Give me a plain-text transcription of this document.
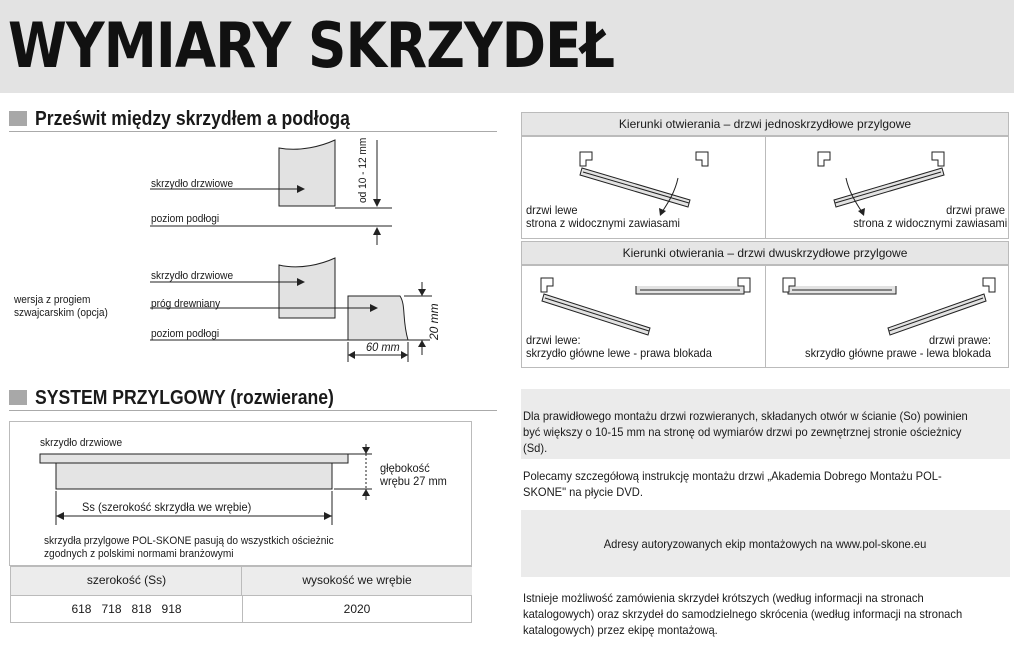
WYMIARY SKRZYDEŁ
Prześwit między skrzydłem a podłogą
skrzydło drzwiowe
poziom podłogi
od 10 - 12 mm
wersja z progiem
szwajcarskim (opcja)
skrzydło drzwiowe
próg drewniany
poziom podłogi	20 mm
60 mm
SYSTEM PRZYLGOWY (rozwierane)
skrzydło drzwiowe
głębokość
wrębu 27 mm
Ss (szerokość skrzydła we wrębie)
skrzydła przylgowe POL-SKONE pasują do wszystkich ościeżnic
zgodnych z polskimi normami branżowymi
szerokość (Ss)	wysokość we wrębie
618   718   818   918	2020
Kierunki otwierania – drzwi jednoskrzydłowe przylgowe
drzwi lewe
strona z widocznymi zawiasami
drzwi prawe
strona z widocznymi zawiasami
Kierunki otwierania – drzwi dwuskrzydłowe przylgowe
drzwi lewe:
skrzydło główne lewe - prawa blokada
drzwi prawe:
skrzydło główne prawe - lewa blokada
Dla prawidłowego montażu drzwi rozwieranych, składanych otwór w ścianie (So) powinien być większy o 10-15 mm na stronę od wymiarów drzwi po zewnętrznej stronie ościeżnicy (Sd).
Polecamy szczegółową instrukcję montażu drzwi „Akademia Dobrego Montażu POL-SKONE" na płycie DVD.
Adresy autoryzowanych ekip montażowych na www.pol-skone.eu
Istnieje możliwość zamówienia skrzydeł krótszych (według informacji na stronach katalogowych) oraz skrzydeł do samodzielnego skrócenia (według informacji na stronach katalogowych) przez ekipę montażową.
